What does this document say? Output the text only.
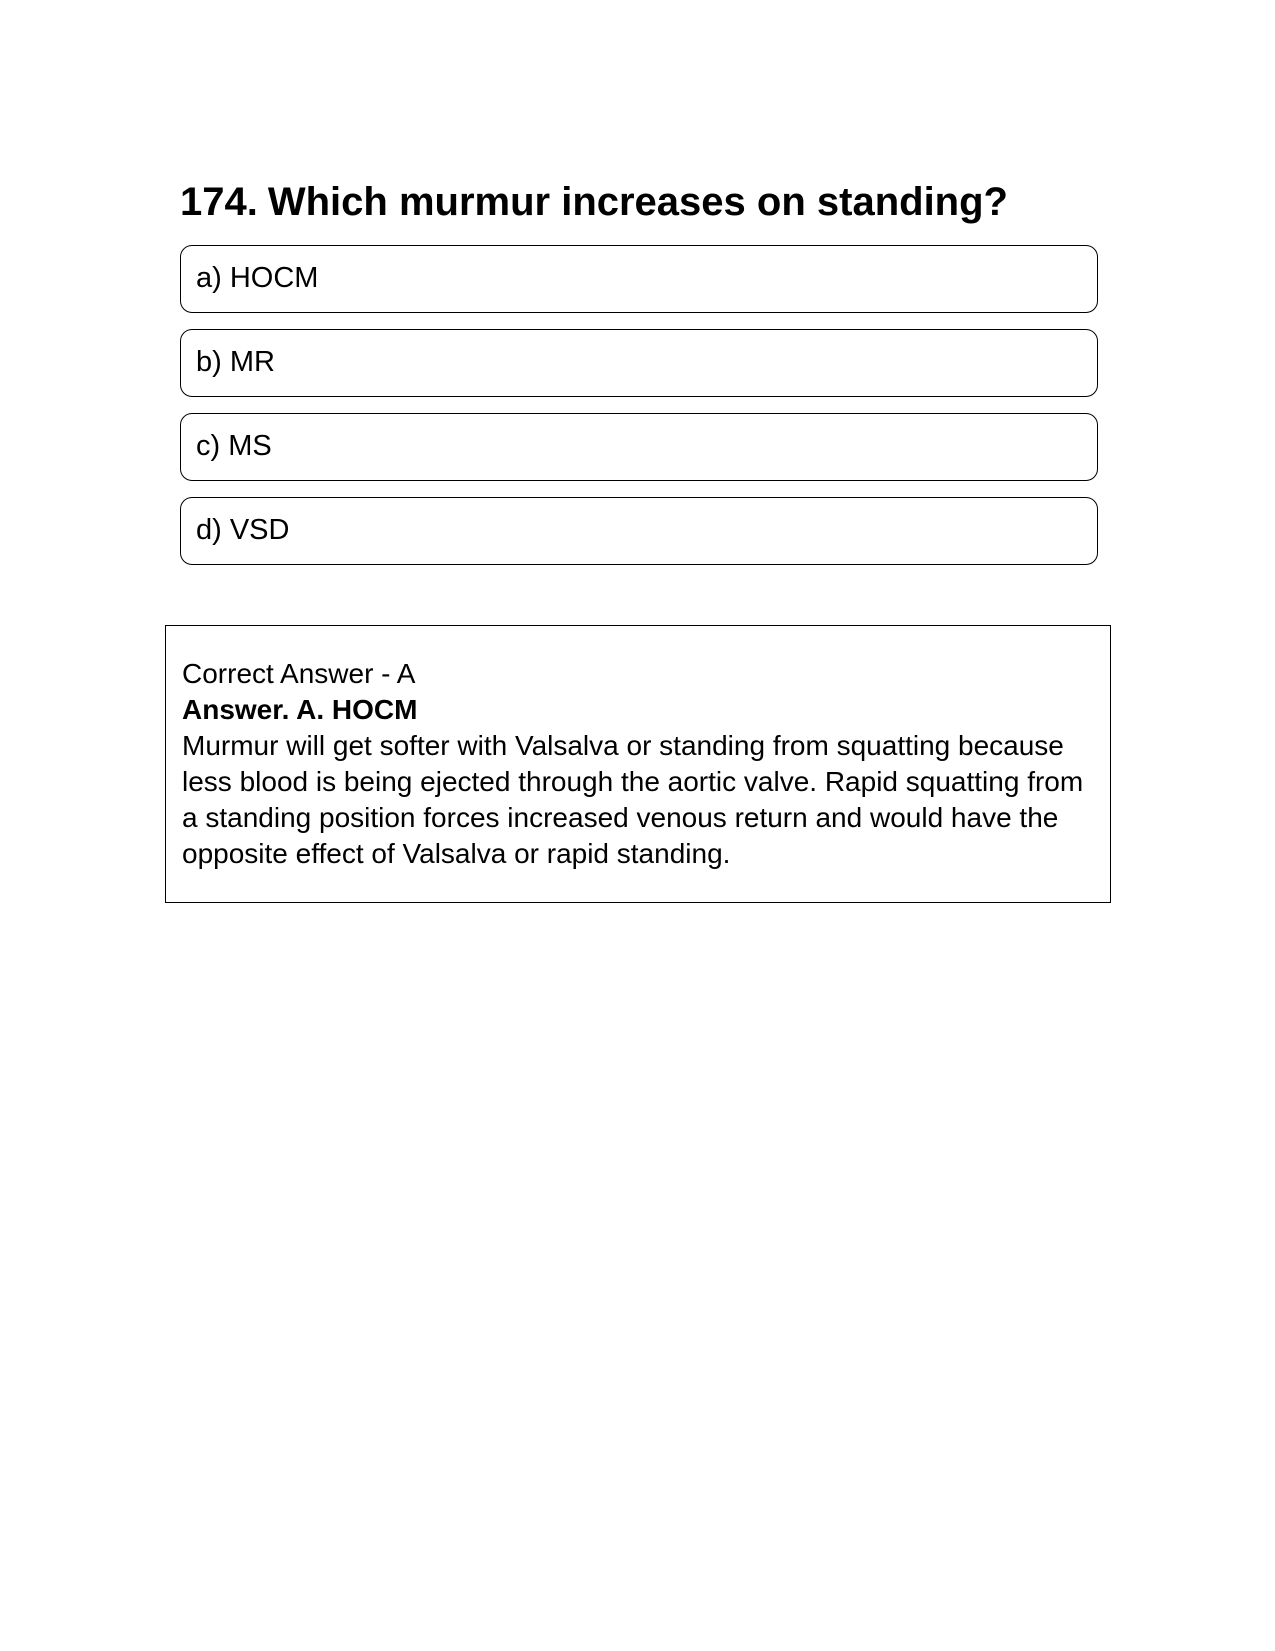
174. Which murmur increases on standing?
a) HOCM
b) MR
c) MS
d) VSD
Correct Answer - A
Answer. A. HOCM
Murmur will get softer with Valsalva or standing from squatting because less blood is being ejected through the aortic valve. Rapid squatting from a standing position forces increased venous return and would have the opposite effect of Valsalva or rapid standing.
